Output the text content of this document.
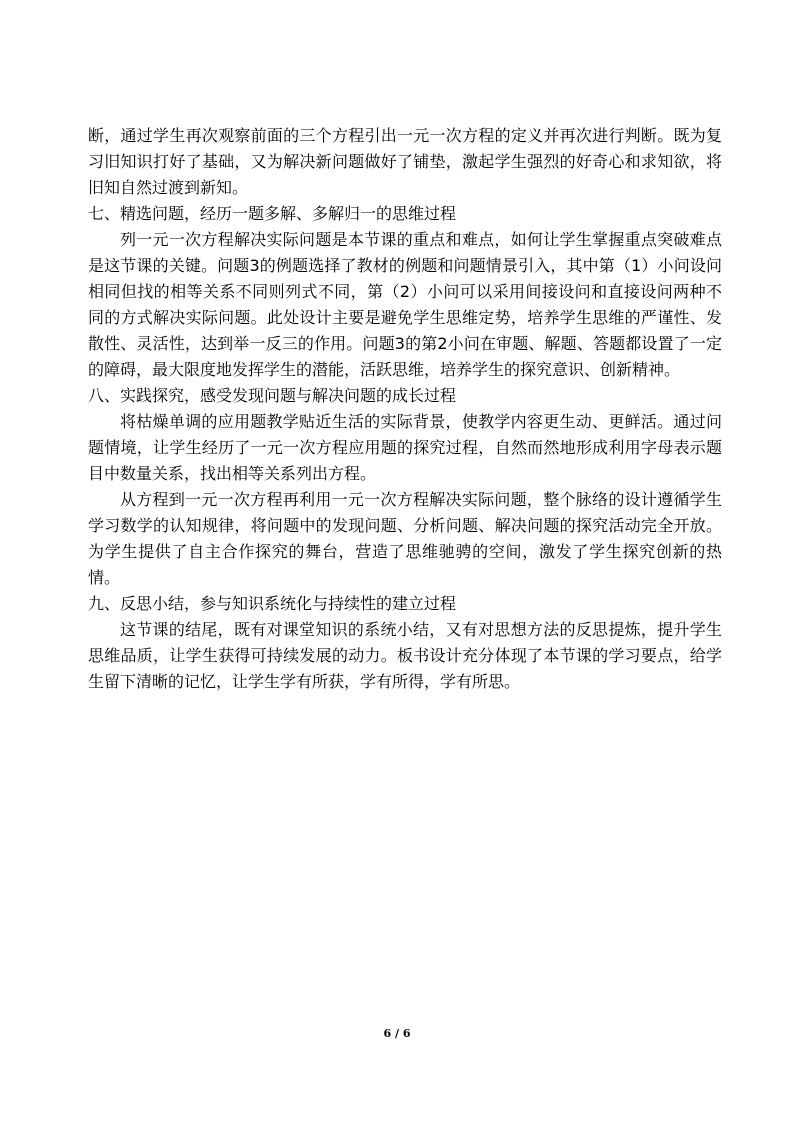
断，通过学生再次观察前面的三个方程引出一元一次方程的定义并再次进行判断。既为复习旧知识打好了基础，又为解决新问题做好了铺垫，激起学生强烈的好奇心和求知欲，将旧知自然过渡到新知。

七、精选问题，经历一题多解、多解归一的思维过程

列一元一次方程解决实际问题是本节课的重点和难点，如何让学生掌握重点突破难点是这节课的关键。问题3的例题选择了教材的例题和问题情景引入，其中第（1）小问设问相同但找的相等关系不同则列式不同，第（2）小问可以采用间接设问和直接设问两种不同的方式解决实际问题。此处设计主要是避免学生思维定势，培养学生思维的严谨性、发散性、灵活性，达到举一反三的作用。问题3的第2小问在审题、解题、答题都设置了一定的障碍，最大限度地发挥学生的潜能，活跃思维，培养学生的探究意识、创新精神。

八、实践探究，感受发现问题与解决问题的成长过程

将枯燥单调的应用题教学贴近生活的实际背景，使教学内容更生动、更鲜活。通过问题情境，让学生经历了一元一次方程应用题的探究过程，自然而然地形成利用字母表示题目中数量关系，找出相等关系列出方程。

从方程到一元一次方程再利用一元一次方程解决实际问题，整个脉络的设计遵循学生学习数学的认知规律，将问题中的发现问题、分析问题、解决问题的探究活动完全开放。为学生提供了自主合作探究的舞台，营造了思维驰骋的空间，激发了学生探究创新的热情。

九、反思小结，参与知识系统化与持续性的建立过程

这节课的结尾，既有对课堂知识的系统小结，又有对思想方法的反思提炼，提升学生思维品质，让学生获得可持续发展的动力。板书设计充分体现了本节课的学习要点，给学生留下清晰的记忆，让学生学有所获，学有所得，学有所思。

6 / 6
